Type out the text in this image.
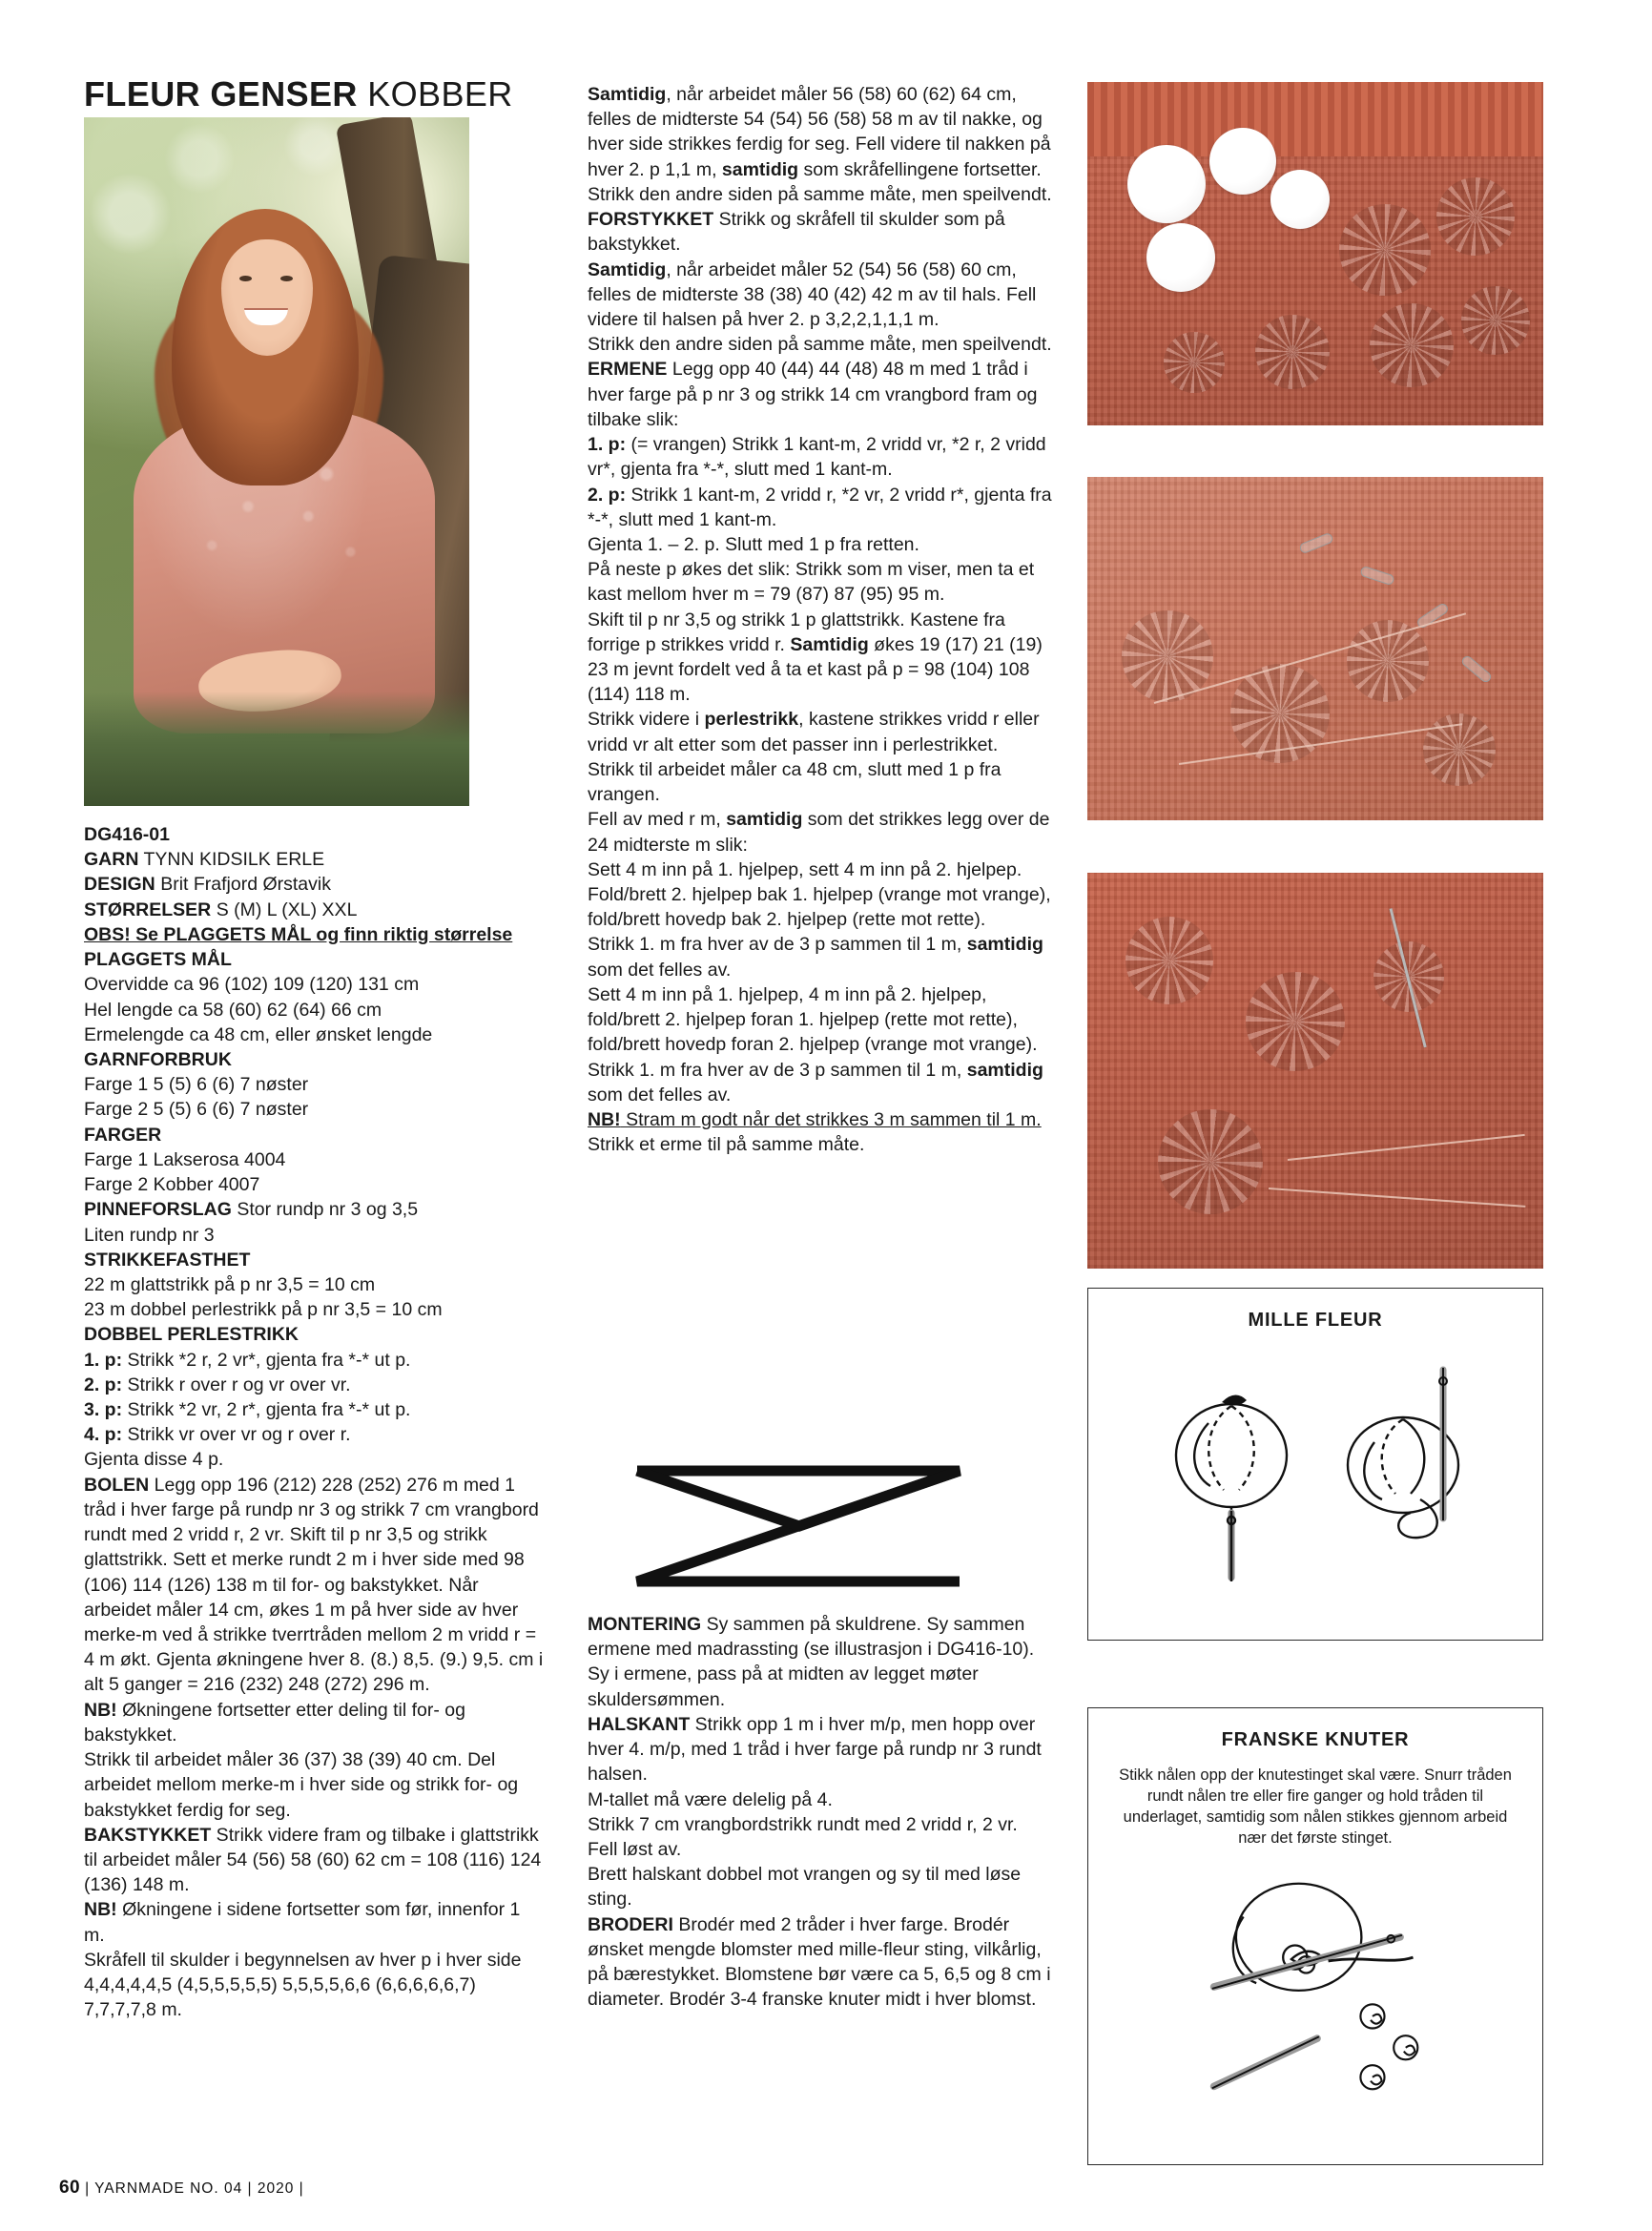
FLEUR GENSER KOBBER

DG416-01

GARN TYNN KIDSILK ERLE

DESIGN Brit Frafjord Ørstavik

STØRRELSER S (M) L (XL) XXL

OBS! Se PLAGGETS MÅL og finn riktig størrelse

PLAGGETS MÅL

Overvidde ca 96 (102) 109 (120) 131 cm

Hel lengde ca 58 (60) 62 (64) 66 cm

Ermelengde ca 48 cm, eller ønsket lengde

GARNFORBRUK

Farge 1 5 (5) 6 (6) 7 nøster

Farge 2 5 (5) 6 (6) 7 nøster

FARGER

Farge 1 Lakserosa 4004

Farge 2 Kobber 4007

PINNEFORSLAG Stor rundp nr 3 og 3,5

Liten rundp nr 3

STRIKKEFASTHET

22 m glattstrikk på p nr 3,5 = 10 cm

23 m dobbel perlestrikk på p nr 3,5 = 10 cm

DOBBEL PERLESTRIKK

1. p: Strikk *2 r, 2 vr*, gjenta fra *-* ut p.

2. p: Strikk r over r og vr over vr.

3. p: Strikk *2 vr, 2 r*, gjenta fra *-* ut p.

4. p: Strikk vr over vr og r over r.

Gjenta disse 4 p.

BOLEN Legg opp 196 (212) 228 (252) 276 m med 1 tråd i hver farge på rundp nr 3 og strikk 7 cm vrangbord rundt med 2 vridd r, 2 vr. Skift til p nr 3,5 og strikk glattstrikk. Sett et merke rundt 2 m i hver side med 98 (106) 114 (126) 138 m til for- og bakstykket. Når arbeidet måler 14 cm, økes 1 m på hver side av hver merke-m ved å strikke tverrtråden mellom 2 m vridd r = 4 m økt. Gjenta økningene hver 8. (8.) 8,5. (9.) 9,5. cm i alt 5 ganger = 216 (232) 248 (272) 296 m.

NB! Økningene fortsetter etter deling til for- og bakstykket.

Strikk til arbeidet måler 36 (37) 38 (39) 40 cm. Del arbeidet mellom merke-m i hver side og strikk for- og bakstykket ferdig for seg.

BAKSTYKKET Strikk videre fram og tilbake i glattstrikk til arbeidet måler 54 (56) 58 (60) 62 cm = 108 (116) 124 (136) 148 m.

NB! Økningene i sidene fortsetter som før, innenfor 1 m.

Skråfell til skulder i begynnelsen av hver p i hver side 4,4,4,4,4,5 (4,5,5,5,5,5) 5,5,5,5,6,6 (6,6,6,6,6,7) 7,7,7,7,8 m.

Samtidig, når arbeidet måler 56 (58) 60 (62) 64 cm, felles de midterste 54 (54) 56 (58) 58 m av til nakke, og hver side strikkes ferdig for seg. Fell videre til nakken på hver 2. p 1,1 m, samtidig som skråfellingene fortsetter. Strikk den andre siden på samme måte, men speilvendt.

FORSTYKKET Strikk og skråfell til skulder som på bakstykket.

Samtidig, når arbeidet måler 52 (54) 56 (58) 60 cm, felles de midterste 38 (38) 40 (42) 42 m av til hals. Fell videre til halsen på hver 2. p 3,2,2,1,1,1 m.

Strikk den andre siden på samme måte, men speilvendt.

ERMENE Legg opp 40 (44) 44 (48) 48 m med 1 tråd i hver farge på p nr 3 og strikk 14 cm vrangbord fram og tilbake slik:

1. p: (= vrangen) Strikk 1 kant-m, 2 vridd vr, *2 r, 2 vridd vr*, gjenta fra *-*, slutt med 1 kant-m.

2. p: Strikk 1 kant-m, 2 vridd r, *2 vr, 2 vridd r*, gjenta fra *-*, slutt med 1 kant-m.

Gjenta 1. – 2. p. Slutt med 1 p fra retten.

På neste p økes det slik: Strikk som m viser, men ta et kast mellom hver m = 79 (87) 87 (95) 95 m.

Skift til p nr 3,5 og strikk 1 p glattstrikk. Kastene fra forrige p strikkes vridd r. Samtidig økes 19 (17) 21 (19) 23 m jevnt fordelt ved å ta et kast på p = 98 (104) 108 (114) 118 m.

Strikk videre i perlestrikk, kastene strikkes vridd r eller vridd vr alt etter som det passer inn i perlestrikket.

Strikk til arbeidet måler ca 48 cm, slutt med 1 p fra vrangen.

Fell av med r m, samtidig som det strikkes legg over de 24 midterste m slik:

Sett 4 m inn på 1. hjelpep, sett 4 m inn på 2. hjelpep. Fold/brett 2. hjelpep bak 1. hjelpep (vrange mot vrange), fold/brett hovedp bak 2. hjelpep (rette mot rette).

Strikk 1. m fra hver av de 3 p sammen til 1 m, samtidig som det felles av.

Sett 4 m inn på 1. hjelpep, 4 m inn på 2. hjelpep, fold/brett 2. hjelpep foran 1. hjelpep (rette mot rette), fold/brett hovedp foran 2. hjelpep (vrange mot vrange). Strikk 1. m fra hver av de 3 p sammen til 1 m, samtidig som det felles av.

NB! Stram m godt når det strikkes 3 m sammen til 1 m.

Strikk et erme til på samme måte.

MONTERING Sy sammen på skuldrene. Sy sammen ermene med madrassting (se illustrasjon i DG416-10). Sy i ermene, pass på at midten av legget møter skuldersømmen.

HALSKANT Strikk opp 1 m i hver m/p, men hopp over hver 4. m/p, med 1 tråd i hver farge på rundp nr 3 rundt halsen.

M-tallet må være delelig på 4.

Strikk 7 cm vrangbordstrikk rundt med 2 vridd r, 2 vr.

Fell løst av.

Brett halskant dobbel mot vrangen og sy til med løse sting.

BRODERI Brodér med 2 tråder i hver farge. Brodér ønsket mengde blomster med mille-fleur sting, vilkårlig, på bærestykket. Blomstene bør være ca 5, 6,5 og 8 cm i diameter. Brodér 3-4 franske knuter midt i hver blomst.

MILLE FLEUR
FRANSKE KNUTER
Stikk nålen opp der knutestinget skal være. Snurr tråden rundt nålen tre eller fire ganger og hold tråden til underlaget, samtidig som nålen stikkes gjennom arbeid nær det første stinget.
60 | YARNMADE NO. 04 | 2020 |
